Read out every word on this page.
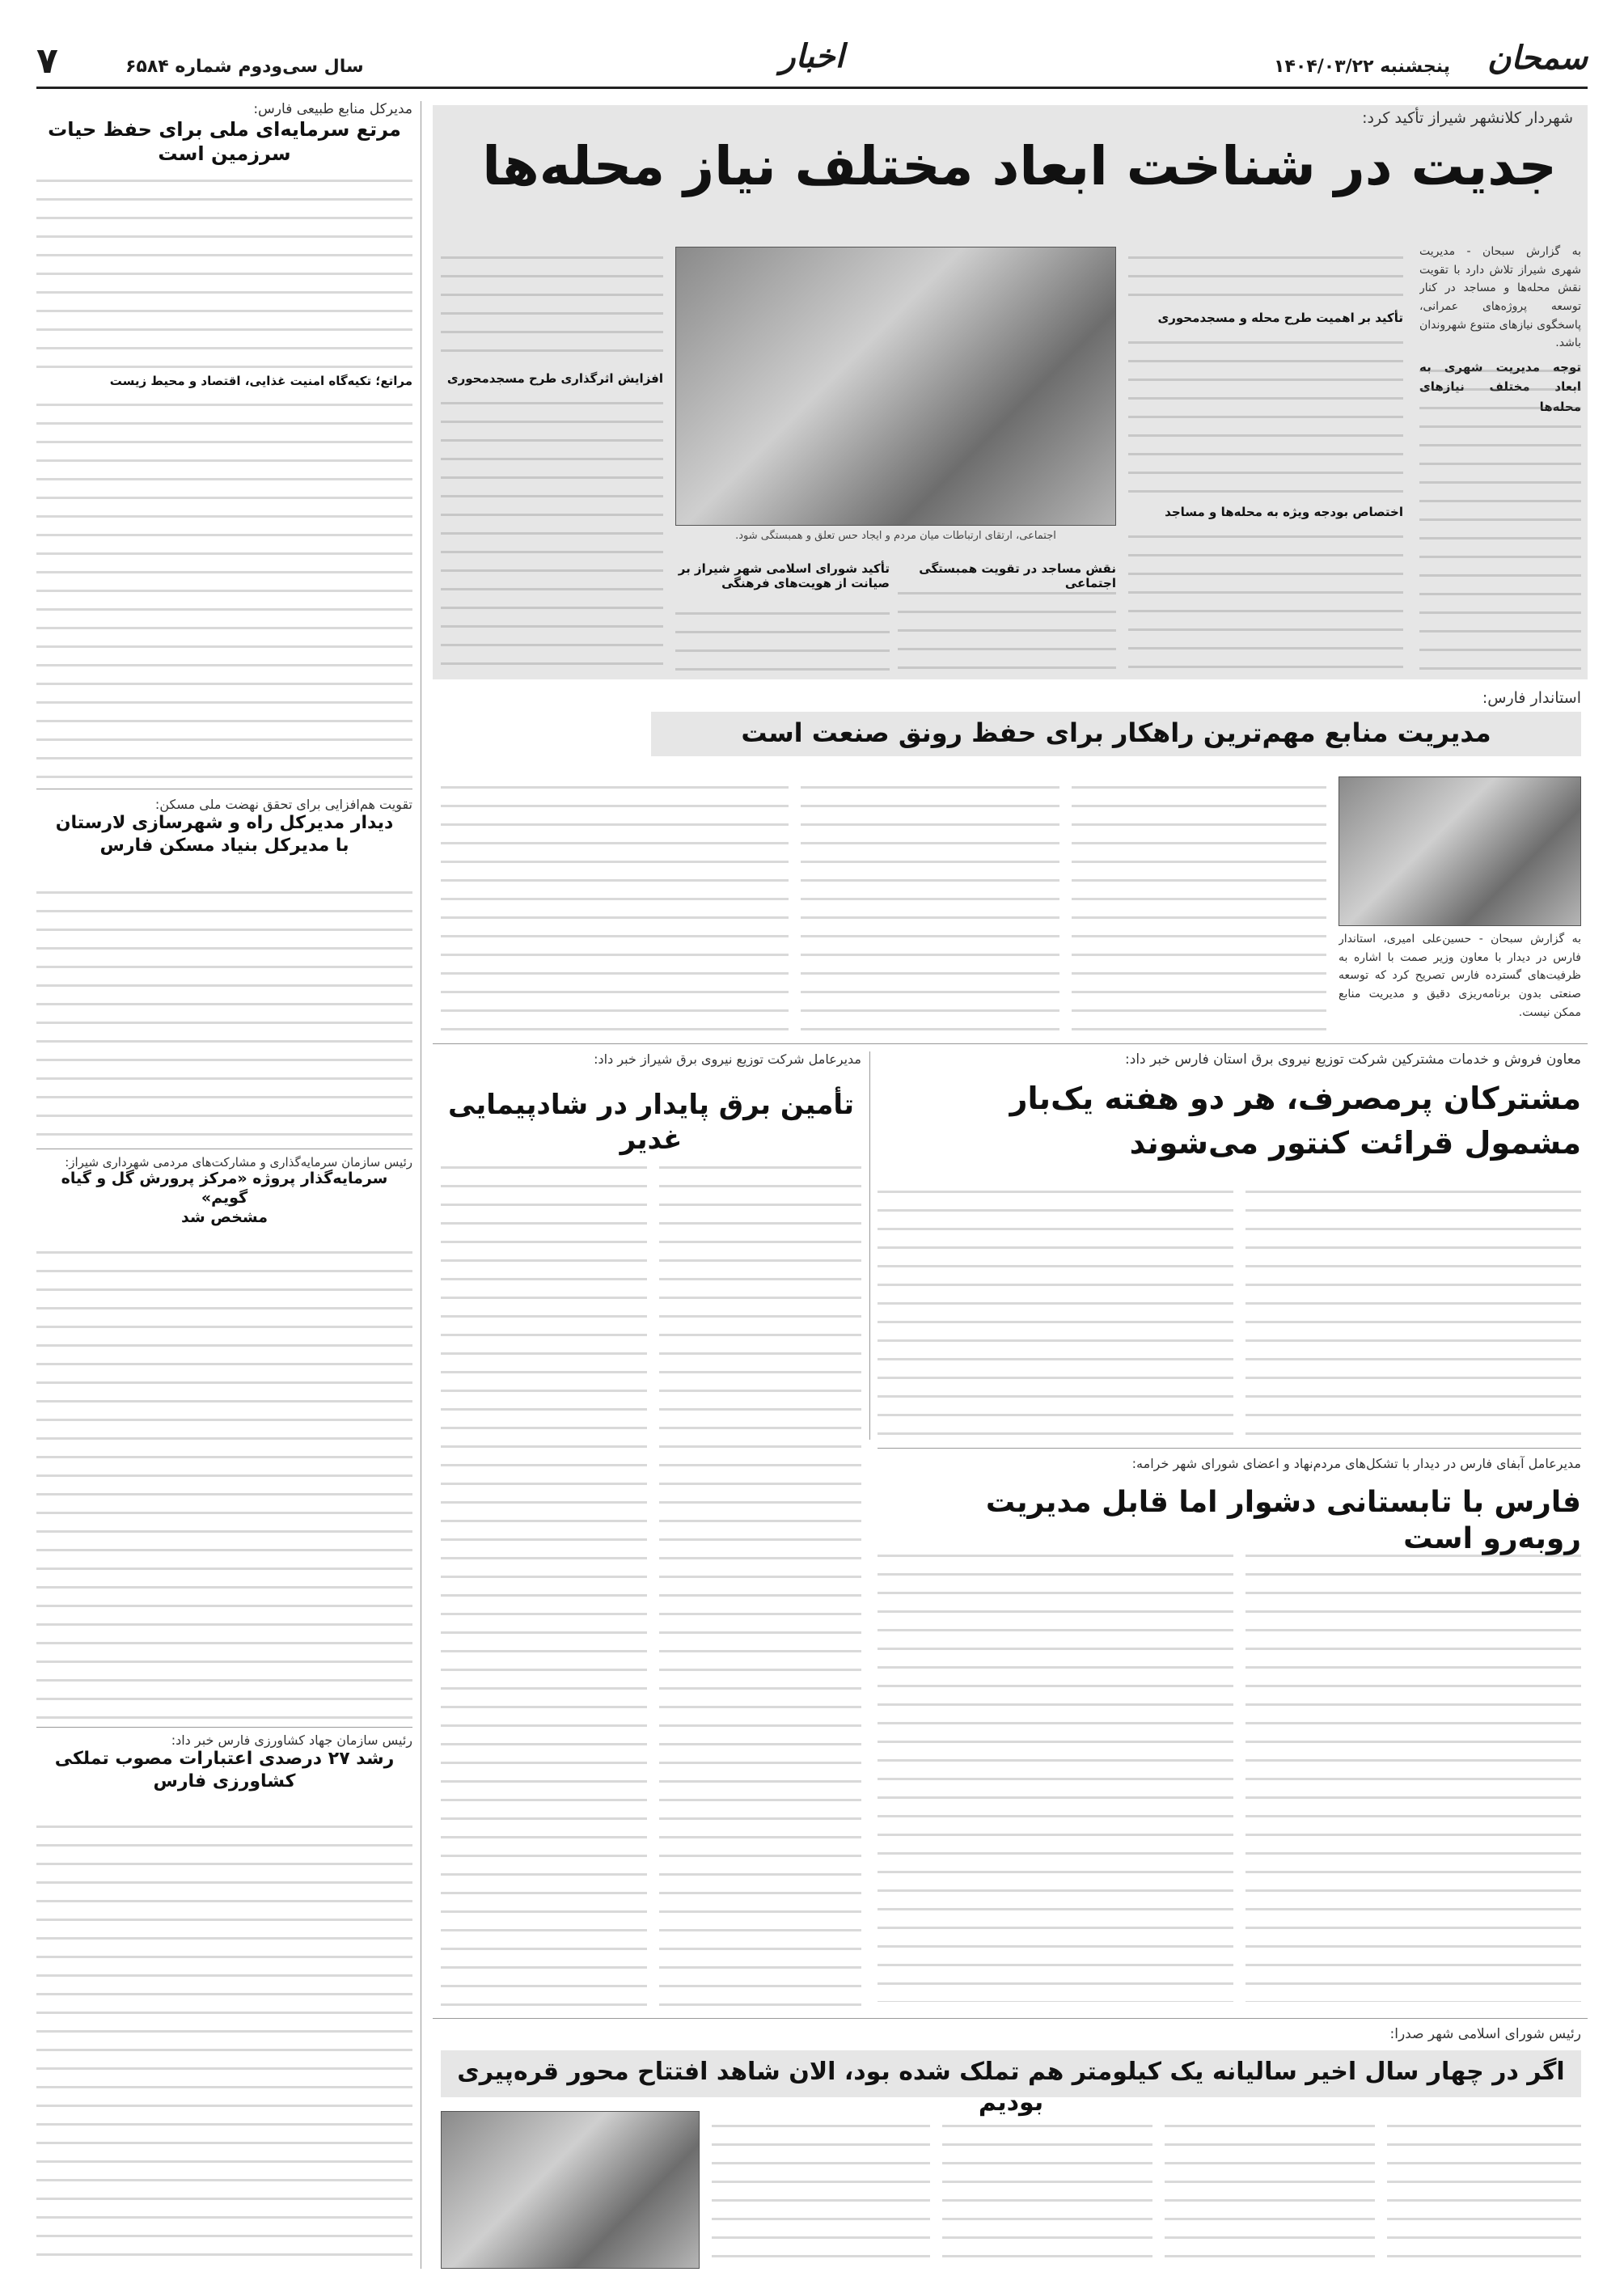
سمحان
پنجشنبه ۱۴۰۴/۰۳/۲۲
اخبار
سال سی‌ودوم شماره ۶۵۸۴
۷
مدیرکل منابع طبیعی فارس:
مرتع سرمایه‌ای ملی برای حفظ حیات سرزمین است
مراتع؛ تکیه‌گاه امنیت غذایی، اقتصاد و محیط زیست
تقویت هم‌افزایی برای تحقق نهضت ملی مسکن:
دیدار مدیرکل راه و شهرسازی لارستان
با مدیرکل بنیاد مسکن فارس
رئیس سازمان سرمایه‌گذاری و مشارکت‌های مردمی شهرداری شیراز:
سرمایه‌گذار پروژه «مرکز پرورش گل و گیاه گویم»
مشخص شد
رئیس سازمان جهاد کشاورزی فارس خبر داد:
رشد ۲۷ درصدی اعتبارات مصوب تملکی
کشاورزی فارس
شهردار کلانشهر شیراز تأکید کرد:
جدیت در شناخت ابعاد مختلف نیاز محله‌ها

به گزارش سبحان - مدیریت شهری شیراز تلاش دارد با تقویت نقش محله‌ها و مساجد در کنار توسعه پروژه‌های عمرانی، پاسخگوی نیازهای متنوع شهروندان باشد.

توجه مدیریت شهری به ابعاد مختلف نیازهای محله‌ها
تأکید بر اهمیت طرح محله و مسجدمحوری
اختصاص بودجه ویژه به محله‌ها و مساجد
اجتماعی، ارتقای ارتباطات میان مردم و ایجاد حس تعلق و همبستگی شود.
نقش مساجد در تقویت همبستگی اجتماعی
تأکید شورای اسلامی شهر شیراز بر صیانت از هویت‌های فرهنگی
افزایش اثرگذاری طرح مسجدمحوری
استاندار فارس:
مدیریت منابع مهم‌ترین راهکار برای حفظ رونق صنعت است

به گزارش سبحان - حسین‌علی امیری، استاندار فارس در دیدار با معاون وزیر صمت با اشاره به ظرفیت‌های گسترده فارس تصریح کرد که توسعه صنعتی بدون برنامه‌ریزی دقیق و مدیریت منابع ممکن نیست.

معاون فروش و خدمات مشترکین شرکت توزیع نیروی برق استان فارس خبر داد:
مشترکان پرمصرف، هر دو هفته یک‌بار
مشمول قرائت کنتور می‌شوند
مدیرعامل شرکت توزیع نیروی برق شیراز خبر داد:
تأمین برق پایدار در شادپیمایی غدیر
مدیرعامل آبفای فارس در دیدار با تشکل‌های مردم‌نهاد و اعضای شورای شهر خرامه:
فارس با تابستانی دشوار اما قابل مدیریت روبه‌رو است
رئیس شورای اسلامی شهر صدرا:
اگر در چهار سال اخیر سالیانه یک کیلومتر هم تملک شده بود، الان شاهد افتتاح محور قره‌پیری بودیم
